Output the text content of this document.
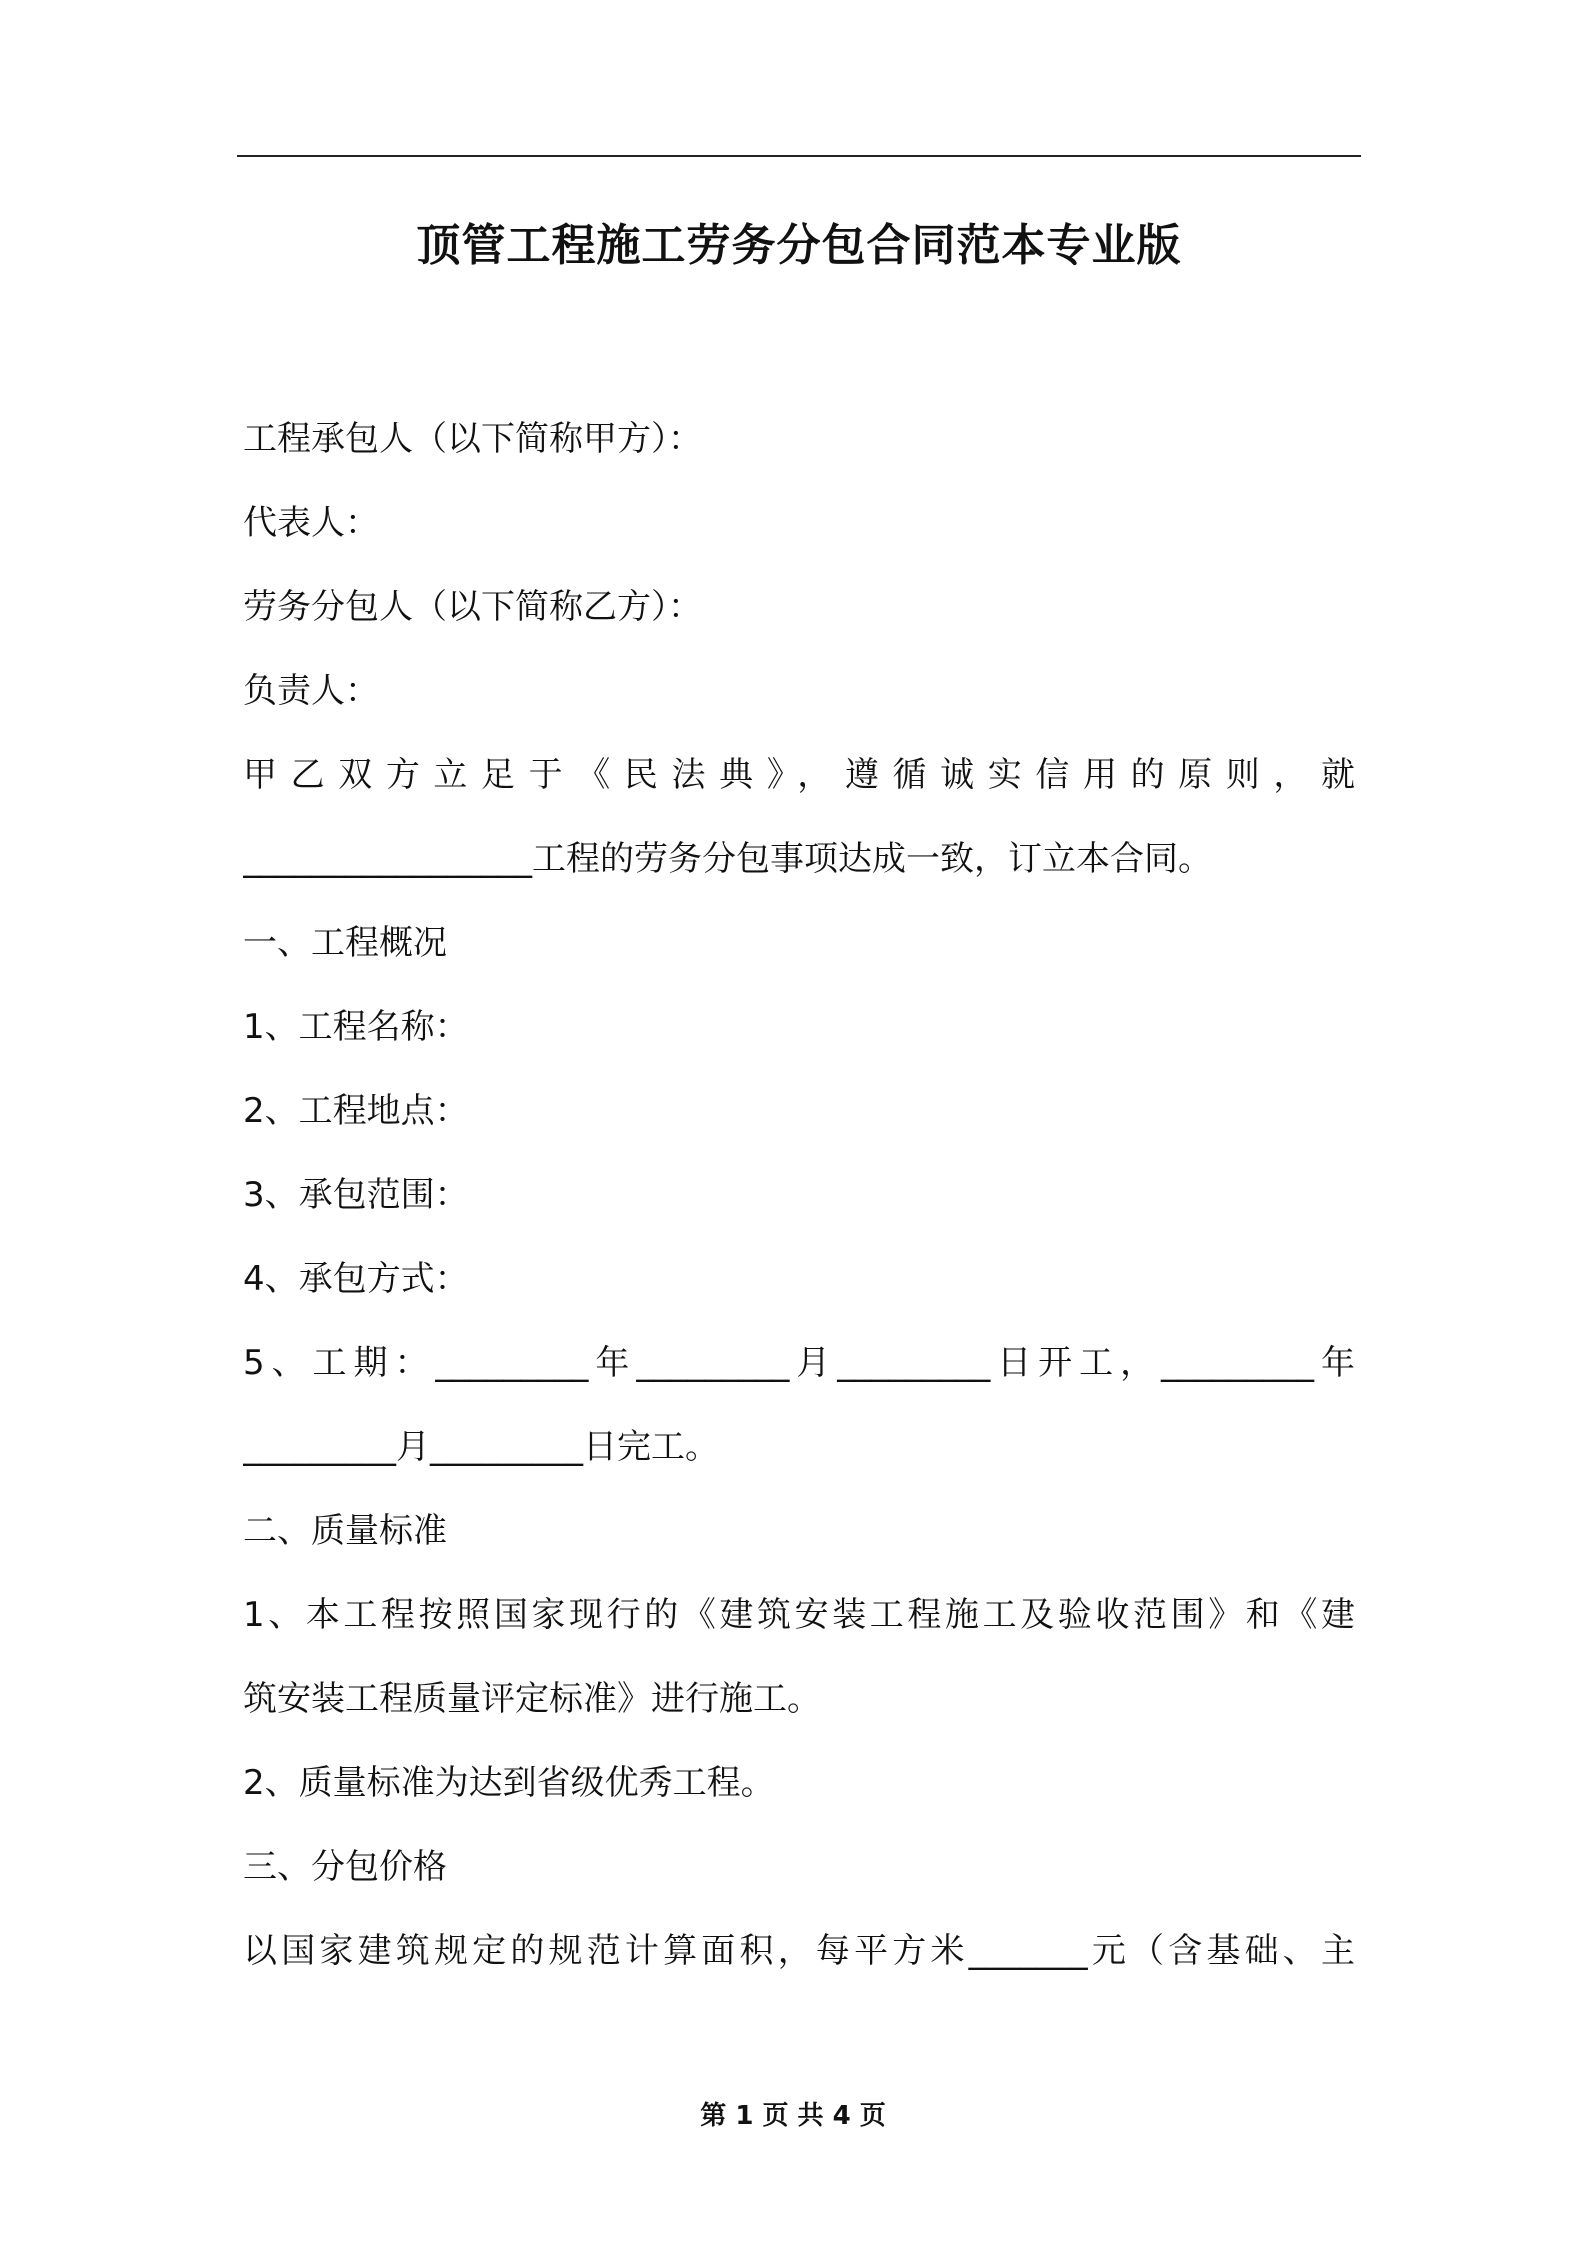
顶管工程施工劳务分包合同范本专业版
工程承包人（以下简称甲方）：
代表人：
劳务分包人（以下简称乙方）：
负责人：
甲乙双方立足于《民法典》，遵循诚实信用的原则，就
_________________工程的劳务分包事项达成一致，订立本合同。
一、工程概况
1、工程名称：
2、工程地点：
3、承包范围：
4、承包方式：
5、工期：_________年_________月_________日开工，_________年
_________月_________日完工。
二、质量标准
1、本工程按照国家现行的《建筑安装工程施工及验收范围》和《建
筑安装工程质量评定标准》进行施工。
2、质量标准为达到省级优秀工程。
三、分包价格
以国家建筑规定的规范计算面积，每平方米_______元（含基础、主
第 1 页 共 4 页
